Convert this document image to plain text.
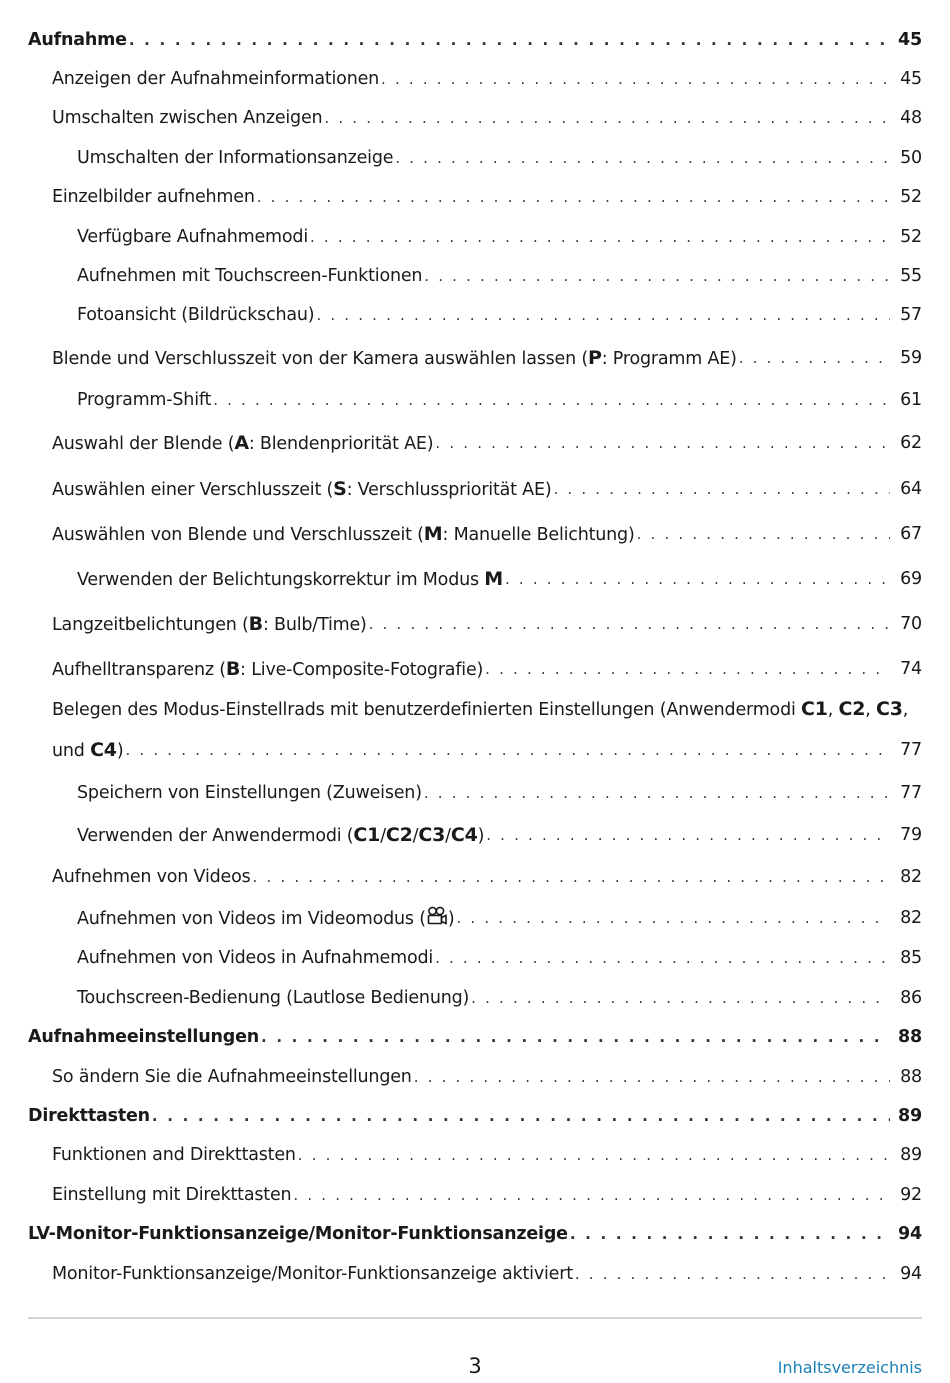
Aufnahme . . .	45
Anzeigen der Aufnahmeinformationen . . .	45
Umschalten zwischen Anzeigen . . .	48
Umschalten der Informationsanzeige . . .	50
Einzelbilder aufnehmen . . .	52
Verfügbare Aufnahmemodi . . .	52
Aufnehmen mit Touchscreen-Funktionen . . .	55
Fotoansicht (Bildrückschau) . . .	57
Blende und Verschlusszeit von der Kamera auswählen lassen (P: Programm AE) . . .	59
Programm-Shift . . .	61
Auswahl der Blende (A: Blendenpriorität AE) . . .	62
Auswählen einer Verschlusszeit (S: Verschlusspriorität AE) . . .	64
Auswählen von Blende und Verschlusszeit (M: Manuelle Belichtung) . . .	67
Verwenden der Belichtungskorrektur im Modus M . . .	69
Langzeitbelichtungen (B: Bulb/Time) . . .	70
Aufhelltransparenz (B: Live-Composite-Fotografie) . . .	74
Belegen des Modus-Einstellrads mit benutzerdefinierten Einstellungen (Anwendermodi C1, C2, C3,
und C4) . . .	77
Speichern von Einstellungen (Zuweisen) . . .	77
Verwenden der Anwendermodi (C1/C2/C3/C4) . . .	79
Aufnehmen von Videos . . .	82
Aufnehmen von Videos im Videomodus ( ) . . .	82
Aufnehmen von Videos in Aufnahmemodi . . .	85
Touchscreen-Bedienung (Lautlose Bedienung) . . .	86
Aufnahmeeinstellungen . . .	88
So ändern Sie die Aufnahmeeinstellungen . . .	88
Direkttasten . . .	89
Funktionen and Direkttasten . . .	89
Einstellung mit Direkttasten . . .	92
LV-Monitor-Funktionsanzeige/Monitor-Funktionsanzeige . . .	94
Monitor-Funktionsanzeige/Monitor-Funktionsanzeige aktiviert . . .	94
3	Inhaltsverzeichnis
